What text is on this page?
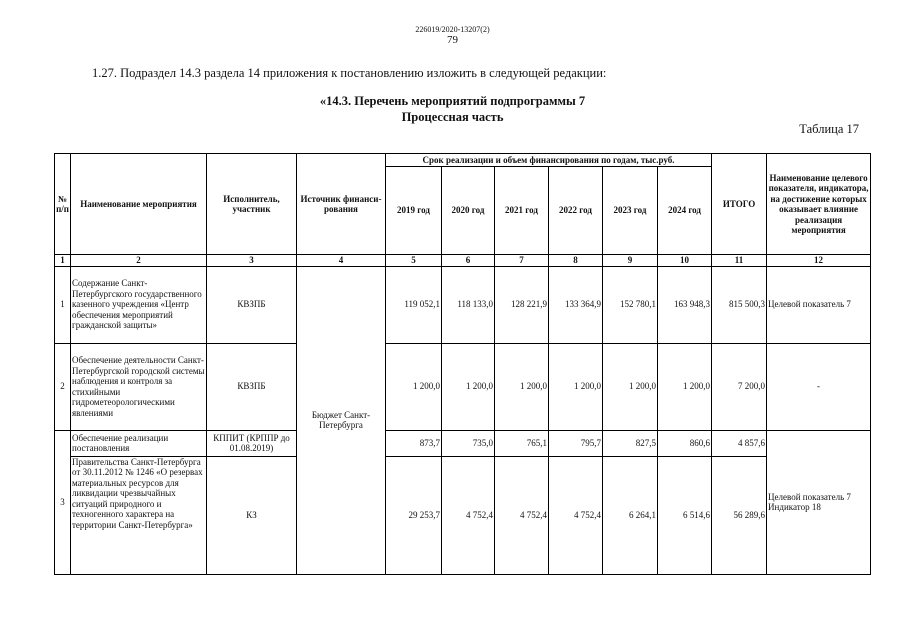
226019/2020-13207(2)
79
1.27. Подраздел 14.3 раздела 14 приложения к постановлению изложить в следующей редакции:
«14.3. Перечень мероприятий подпрограммы 7
Процессная часть
Таблица 17
№ п/п	Наименование мероприятия	Исполнитель, участник	Источник финанси-рования	Срок реализации и объем финансирования по годам, тыс.руб.						ИТОГО	Наименование целевого показателя, индикатора, на достижение которых оказывает влияние реализация мероприятия
				2019 год	2020 год	2021 год	2022 год	2023 год	2024 год		
1	2	3	4	5	6	7	8	9	10	11	12
1	Содержание Санкт-Петербургского государственного казенного учреждения «Центр обеспечения мероприятий гражданской защиты»	КВЗПБ	Бюджет Санкт-Петербурга	119 052,1	118 133,0	128 221,9	133 364,9	152 780,1	163 948,3	815 500,3	Целевой показатель 7
2	Обеспечение деятельности Санкт-Петербургской городской системы наблюдения и контроля за стихийными гидрометеорологическими явлениями	КВЗПБ		1 200,0	1 200,0	1 200,0	1 200,0	1 200,0	1 200,0	7 200,0	-
3	Обеспечение реализации постановления	КППИТ (КРППР до 01.08.2019)		873,7	735,0	765,1	795,7	827,5	860,6	4 857,6	Целевой показатель 7 Индикатор 18
	Правительства Санкт-Петербурга от 30.11.2012 № 1246 «О резервах материальных ресурсов для ликвидации чрезвычайных ситуаций природного и техногенного характера на территории Санкт-Петербурга»	КЗ		29 253,7	4 752,4	4 752,4	4 752,4	6 264,1	6 514,6	56 289,6	
